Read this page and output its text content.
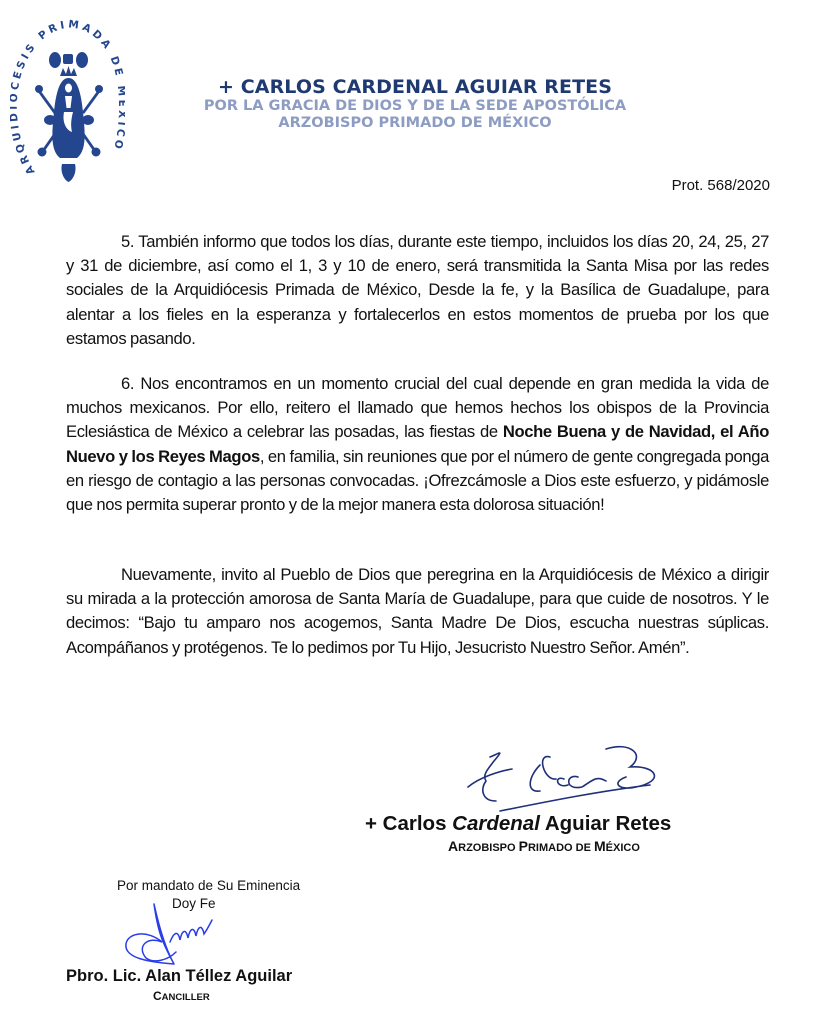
ARQUI CESIS PRIMADA DE O
+ CARLOS CARDENAL AGUIAR RETES
POR LA GRACIA DE DIOS Y DE LA SEDE APOSTÓLICA
ARZOBISPO PRIMADO DE MÉXICO
Prot. 568/2020

5. También informo que todos los días, durante este tiempo, incluidos los días 20, 24, 25, 27 y 31 de diciembre, así como el 1, 3 y 10 de enero, será transmitida la Santa Misa por las redes sociales de la Arquidiócesis Primada de México, Desde la fe, y la Basílica de Guadalupe, para alentar a los fieles en la esperanza y fortalecerlos en estos momentos de prueba por los que estamos pasando.

6. Nos encontramos en un momento crucial del cual depende en gran medida la vida de muchos mexicanos. Por ello, reitero el llamado que hemos hechos los obispos de la Provincia Eclesiástica de México a celebrar las posadas, las fiestas de Noche Buena y de Navidad, el Año Nuevo y los Reyes Magos, en familia, sin reuniones que por el número de gente congregada ponga en riesgo de contagio a las personas convocadas. ¡Ofrezcámosle a Dios este esfuerzo, y pidámosle que nos permita superar pronto y de la mejor manera esta dolorosa situación!

Nuevamente, invito al Pueblo de Dios que peregrina en la Arquidiócesis de México a dirigir su mirada a la protección amorosa de Santa María de Guadalupe, para que cuide de nosotros. Y le decimos: “Bajo tu amparo nos acogemos, Santa Madre De Dios, escucha nuestras súplicas. Acompáñanos y protégenos. Te lo pedimos por Tu Hijo, Jesucristo Nuestro Señor. Amén”.

+ Carlos Cardenal Aguiar Retes
ARZOBISPO PRIMADO DE MÉXICO
Por mandato de Su Eminencia
Doy Fe
Pbro. Lic. Alan Téllez Aguilar
CANCILLER
